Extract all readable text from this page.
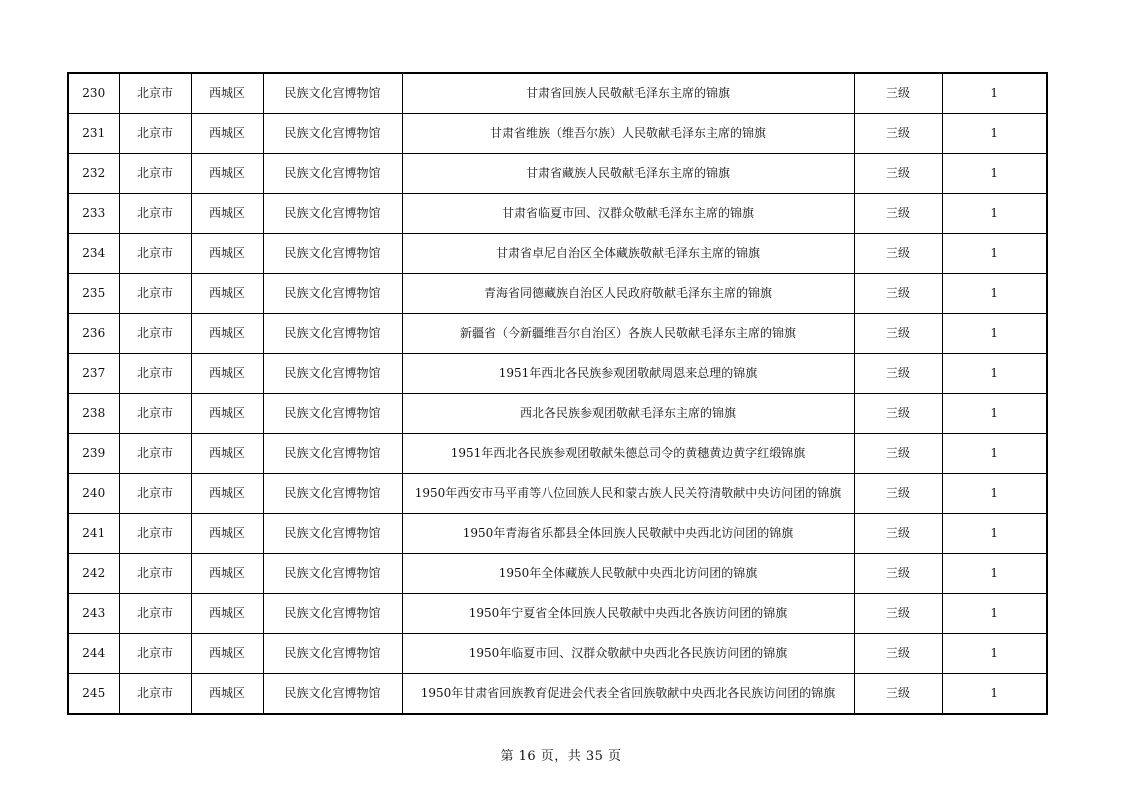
230	北京市	西城区	民族文化宫博物馆	甘肃省回族人民敬献毛泽东主席的锦旗	三级	1
231	北京市	西城区	民族文化宫博物馆	甘肃省维族（维吾尔族）人民敬献毛泽东主席的锦旗	三级	1
232	北京市	西城区	民族文化宫博物馆	甘肃省藏族人民敬献毛泽东主席的锦旗	三级	1
233	北京市	西城区	民族文化宫博物馆	甘肃省临夏市回、汉群众敬献毛泽东主席的锦旗	三级	1
234	北京市	西城区	民族文化宫博物馆	甘肃省卓尼自治区全体藏族敬献毛泽东主席的锦旗	三级	1
235	北京市	西城区	民族文化宫博物馆	青海省同德藏族自治区人民政府敬献毛泽东主席的锦旗	三级	1
236	北京市	西城区	民族文化宫博物馆	新疆省（今新疆维吾尔自治区）各族人民敬献毛泽东主席的锦旗	三级	1
237	北京市	西城区	民族文化宫博物馆	1951年西北各民族参观团敬献周恩来总理的锦旗	三级	1
238	北京市	西城区	民族文化宫博物馆	西北各民族参观团敬献毛泽东主席的锦旗	三级	1
239	北京市	西城区	民族文化宫博物馆	1951年西北各民族参观团敬献朱德总司令的黄穗黄边黄字红缎锦旗	三级	1
240	北京市	西城区	民族文化宫博物馆	1950年西安市马平甫等八位回族人民和蒙古族人民关符清敬献中央访问团的锦旗	三级	1
241	北京市	西城区	民族文化宫博物馆	1950年青海省乐都县全体回族人民敬献中央西北访问团的锦旗	三级	1
242	北京市	西城区	民族文化宫博物馆	1950年全体藏族人民敬献中央西北访问团的锦旗	三级	1
243	北京市	西城区	民族文化宫博物馆	1950年宁夏省全体回族人民敬献中央西北各族访问团的锦旗	三级	1
244	北京市	西城区	民族文化宫博物馆	1950年临夏市回、汉群众敬献中央西北各民族访问团的锦旗	三级	1
245	北京市	西城区	民族文化宫博物馆	1950年甘肃省回族教育促进会代表全省回族敬献中央西北各民族访问团的锦旗	三级	1
第 16 页，共 35 页
